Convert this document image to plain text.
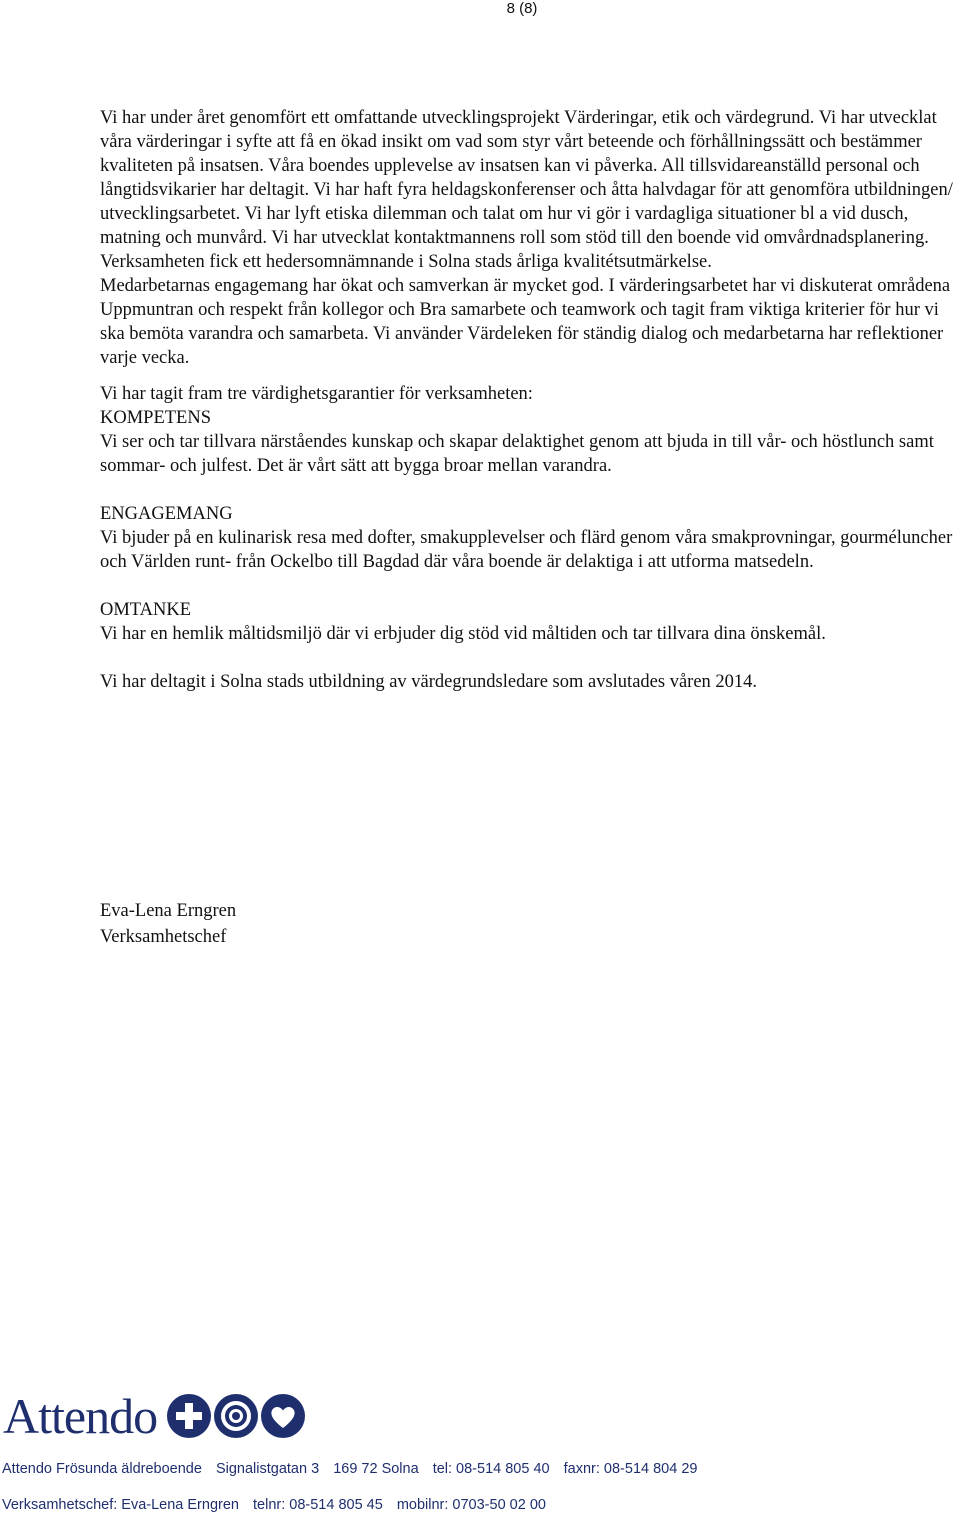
8 (8)

Vi har under året genomfört ett omfattande utvecklingsprojekt Värderingar, etik och värdegrund. Vi har utvecklat våra värderingar i syfte att få en ökad insikt om vad som styr vårt beteende och förhållningssätt och bestämmer kvaliteten på insatsen. Våra boendes upplevelse av insatsen kan vi påverka. All tillsvidareanställd personal och långtidsvikarier har deltagit. Vi har haft fyra heldagskonferenser och åtta halvdagar för att genomföra utbildningen/ utvecklingsarbetet. Vi har lyft etiska dilemman och talat om hur vi gör i vardagliga situationer bl a vid dusch, matning och munvård. Vi har utvecklat kontaktmannens roll som stöd till den boende vid omvårdnadsplanering. Verksamheten fick ett hedersomnämnande i Solna stads årliga kvalitétsutmärkelse.

Medarbetarnas engagemang har ökat och samverkan är mycket god. I värderingsarbetet har vi diskuterat områdena Uppmuntran och respekt från kollegor och Bra samarbete och teamwork och tagit fram viktiga kriterier för hur vi ska bemöta varandra och samarbeta. Vi använder Värdeleken för ständig dialog och medarbetarna har reflektioner varje vecka.

Vi har tagit fram tre värdighetsgarantier för verksamheten:

KOMPETENS

Vi ser och tar tillvara närståendes kunskap och skapar delaktighet genom att bjuda in till vår- och höstlunch samt sommar- och julfest. Det är vårt sätt att bygga broar mellan varandra.

ENGAGEMANG

Vi bjuder på en kulinarisk resa med dofter, smakupplevelser och flärd genom våra smakprovningar, gourméluncher och Världen runt- från Ockelbo till Bagdad där våra boende är delaktiga i att utforma matsedeln.

OMTANKE

Vi har en hemlik måltidsmiljö där vi erbjuder dig stöd vid måltiden och tar tillvara dina önskemål.

Vi har deltagit i Solna stads utbildning av värdegrundsledare som avslutades våren 2014.

Eva-Lena Erngren
Verksamhetschef
Attendo
Attendo Frösunda äldreboende Signalistgatan 3 169 72 Solna tel: 08-514 805 40 faxnr: 08-514 804 29
Verksamhetschef: Eva-Lena Erngren telnr: 08-514 805 45 mobilnr: 0703-50 02 00
